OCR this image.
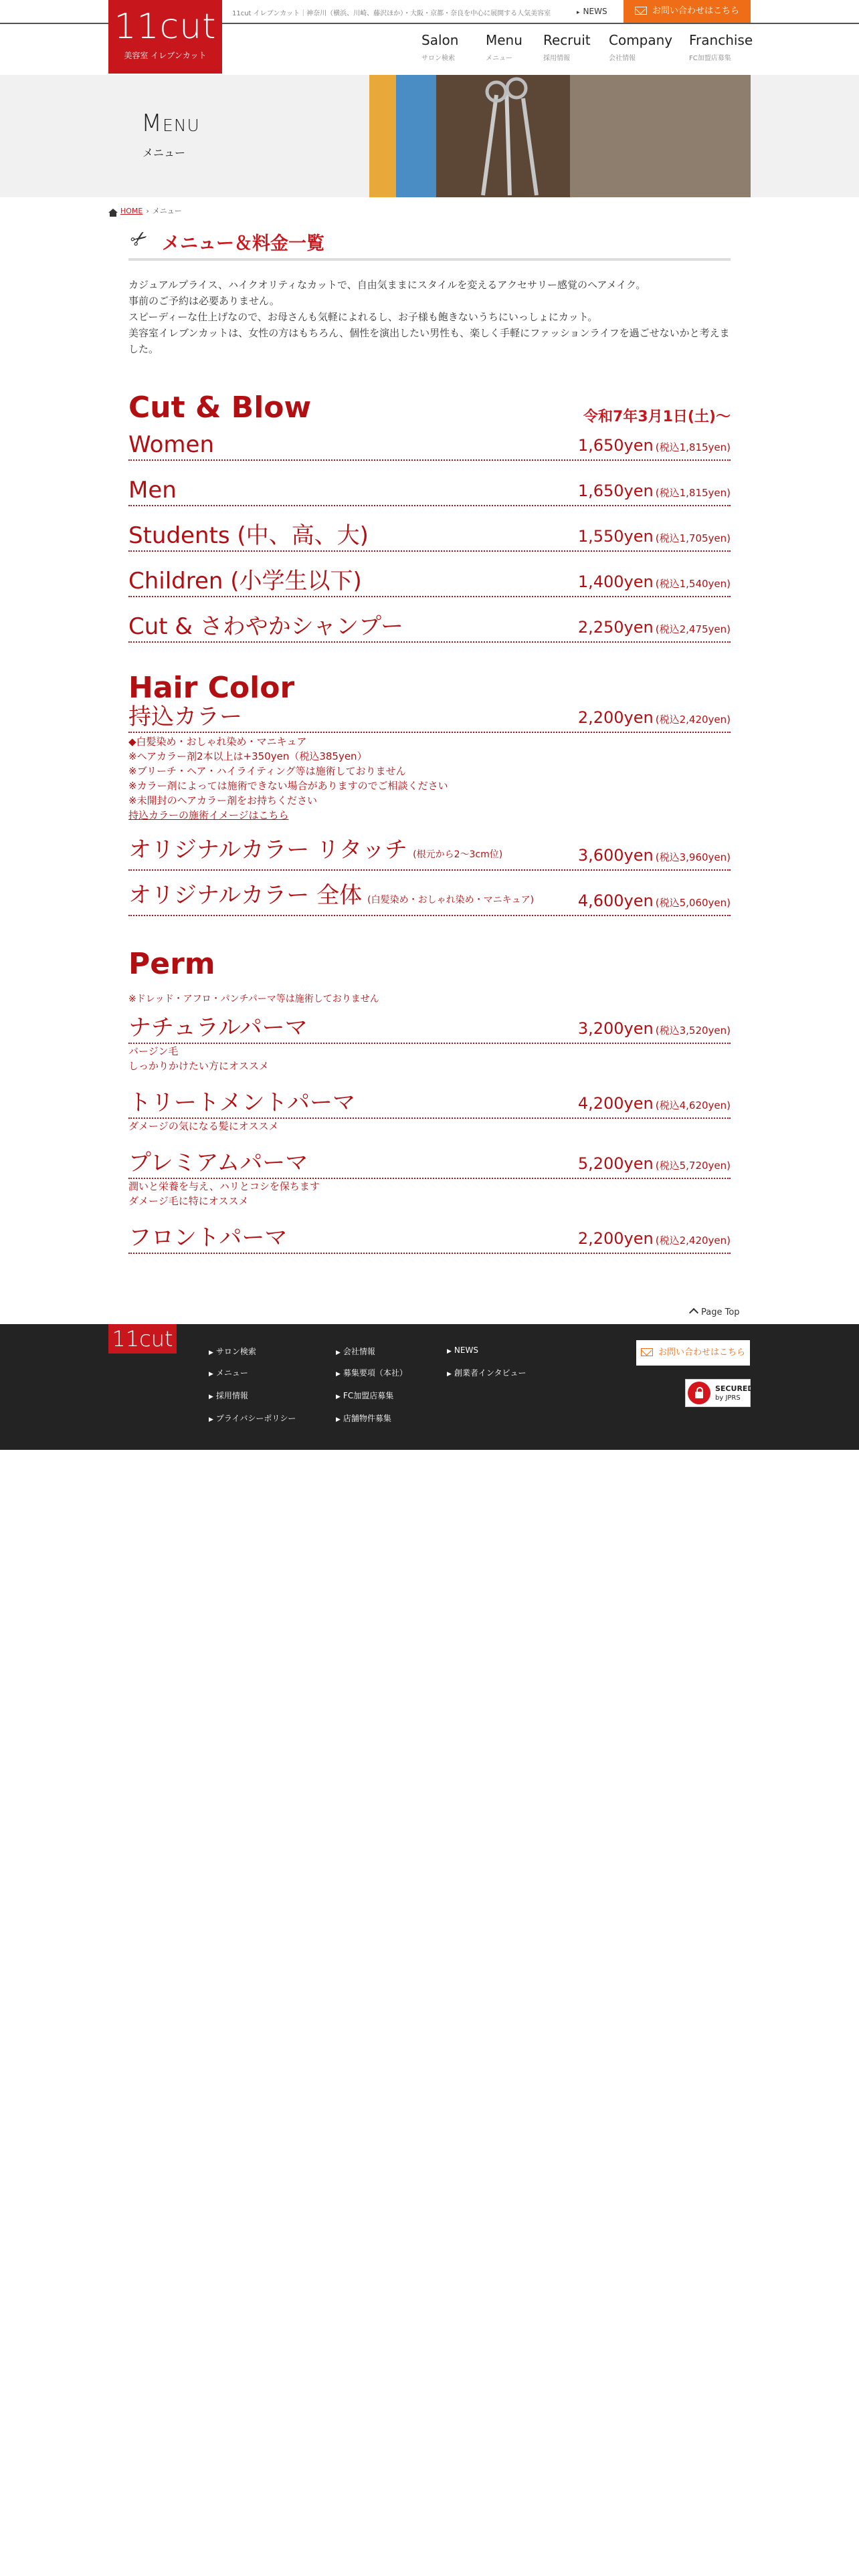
11cut
美容室 イレブンカット
11cut イレブンカット｜神奈川（横浜、川崎、藤沢ほか）・大阪・京都・奈良を中心に展開する人気美容室	▸ NEWS	お問い合わせはこちら
Salon
サロン検索
Menu
メニュー
Recruit
採用情報
Company
会社情報
Franchise
FC加盟店募集
Menu
メニュー
HOME › メニュー
✂ メニュー＆料金一覧

カジュアルプライス、ハイクオリティなカットで、自由気ままにスタイルを変えるアクセサリー感覚のヘアメイク。

事前のご予約は必要ありません。

スピーディーな仕上げなので、お母さんも気軽によれるし、お子様も飽きないうちにいっしょにカット。

美容室イレブンカットは、女性の方はもちろん、個性を演出したい男性も、楽しく手軽にファッションライフを過ごせないかと考えました。

Cut & Blow	令和7年3月1日(土)〜
Women	1,650yen (税込1,815yen)
Men	1,650yen (税込1,815yen)
Students (中、高、大)	1,550yen (税込1,705yen)
Children (小学生以下)	1,400yen (税込1,540yen)
Cut & さわやかシャンプー	2,250yen (税込2,475yen)
Hair Color
持込カラー	2,200yen (税込2,420yen)

◆白髪染め・おしゃれ染め・マニキュア

※ヘアカラー剤2本以上は+350yen（税込385yen）

※ブリーチ・ヘア・ハイライティング等は施術しておりません

※カラー剤によっては施術できない場合がありますのでご相談ください

※未開封のヘアカラー剤をお持ちください

持込カラーの施術イメージはこちら

オリジナルカラー リタッチ (根元から2〜3cm位)	3,600yen (税込3,960yen)
オリジナルカラー 全体 (白髪染め・おしゃれ染め・マニキュア)	4,600yen (税込5,060yen)
Perm

※ドレッド・アフロ・パンチパーマ等は施術しておりません

ナチュラルパーマ	3,200yen (税込3,520yen)

バージン毛

しっかりかけたい方にオススメ

トリートメントパーマ	4,200yen (税込4,620yen)

ダメージの気になる髪にオススメ

プレミアムパーマ	5,200yen (税込5,720yen)

潤いと栄養を与え、ハリとコシを保ちます

ダメージ毛に特にオススメ

フロントパーマ	2,200yen (税込2,420yen)
Page Top
11cut
▶ サロン検索	▶ 会社情報	▶ NEWS
▶ メニュー	▶ 募集要項（本社）	▶ 創業者インタビュー
▶ 採用情報	▶ FC加盟店募集
▶ プライバシーポリシー	▶ 店舗物件募集
お問い合わせはこちら
SECURED
by JPRS
